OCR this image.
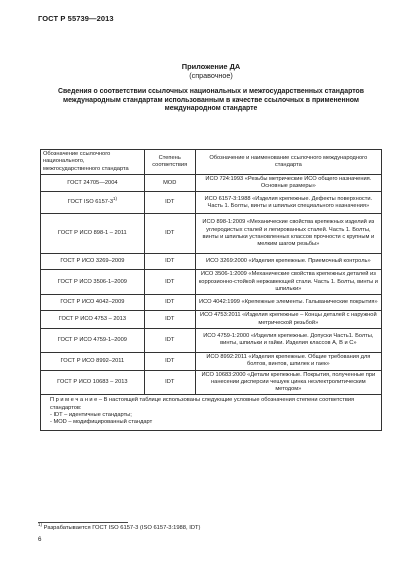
ГОСТ Р 55739—2013
Приложение ДА
(справочное)
Сведения о соответствии ссылочных национальных и межгосударственных стандартов международным стандартам использованным в качестве ссылочных в примененном международном стандарте
Обозначение ссылочного национального, межгосударственного стандарта	Степень соответствия	Обозначение и наименование ссылочного международного стандарта
ГОСТ 24705—2004	MOD	ИСО 724:1993 «Резьбы метрические ИСО общего назначения. Основные размеры»
ГОСТ ISO 6157-3$^{1)}$	IDT	ИСО 6157-3:1988 «Изделия крепежные. Дефекты поверхности. Часть 1. Болты, винты и шпильки специального назначения»
ГОСТ Р ИСО 898-1 – 2011	IDT	ИСО 898-1:2009 «Механические свойства крепежных изделий из углеродистых сталей и легированных сталей. Часть 1. Болты, винты и шпильки установленных классов прочности с крупным и мелким шагом резьбы»
ГОСТ Р ИСО 3269–2009	IDT	ИСО 3269:2000 «Изделия крепежные. Приемочный контроль»
ГОСТ Р ИСО 3506-1–2009	IDT	ИСО 3506-1:2009 «Механические свойства крепежных деталей из коррозионно-стойкой нержавеющей стали. Часть 1. Болты, винты и шпильки»
ГОСТ Р ИСО 4042–2009	IDT	ИСО 4042:1999 «Крепежные элементы. Гальванические покрытия»
ГОСТ Р ИСО 4753 – 2013	IDT	ИСО 4753:2011 «Изделия крепежные – Концы деталей с наружной метрической резьбой»
ГОСТ Р ИСО 4759-1–2009	IDT	ИСО 4759-1:2000 «Изделия крепежные. Допуски Часть1. Болты, винты, шпильки и гайки. Изделия классов А, В и С»
ГОСТ Р ИСО 8992–2011	IDT	ИСО 8992:2011 «Изделия крепежные. Общие требования для болтов, винтов, шпилек и гаек»
ГОСТ Р ИСО 10683 – 2013	IDT	ИСО 10683:2000 «Детали крепежные. Покрытия, полученные при нанесении дисперсии чешуек цинка неэлектролитическим методом»

П р и м е ч а н и е – В настоящей таблице использованы следующие условные обозначения степени соответствия стандартов:
- IDT – идентичные стандарты;
- MOD – модифицированный стандарт		
$^{1)}$ Разрабатывается ГОСТ ISO 6157-3 (ISO 6157-3:1988, IDT)
6
